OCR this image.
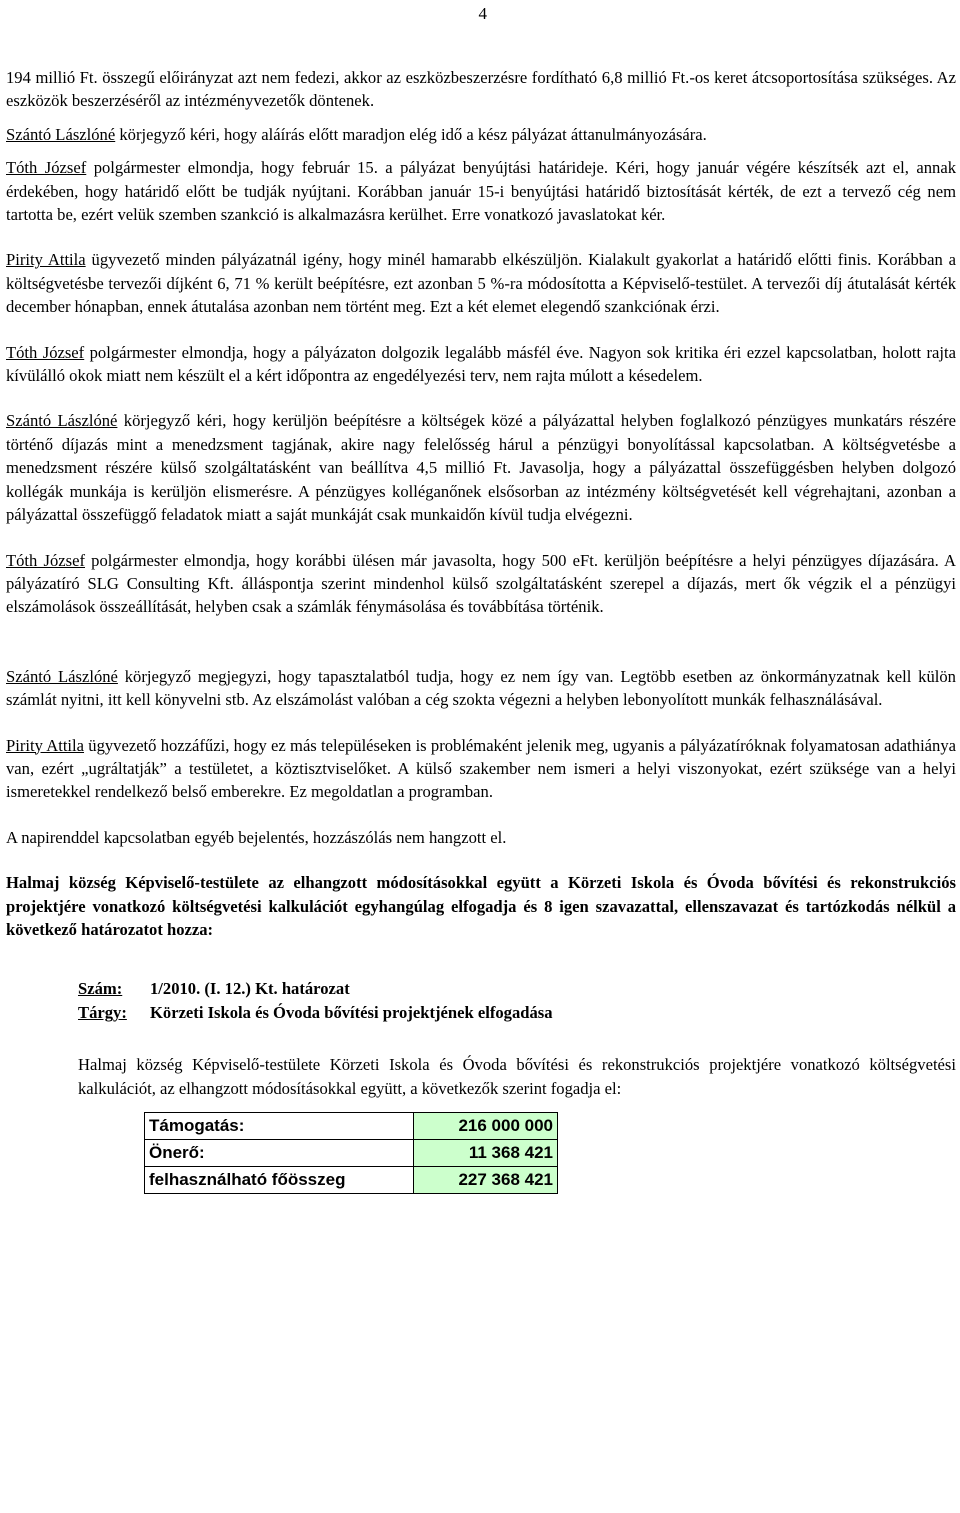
4

194 millió Ft. összegű előirányzat azt nem fedezi, akkor az eszközbeszerzésre fordítható 6,8 millió Ft.-os keret átcsoportosítása szükséges. Az eszközök beszerzéséről az intézményvezetők döntenek.

Szántó Lászlóné körjegyző kéri, hogy aláírás előtt maradjon elég idő a kész pályázat áttanulmányozására.

Tóth József polgármester elmondja, hogy február 15. a pályázat benyújtási határideje. Kéri, hogy január végére készítsék azt el, annak érdekében, hogy határidő előtt be tudják nyújtani. Korábban január 15-i benyújtási határidő biztosítását kérték, de ezt a tervező cég nem tartotta be, ezért velük szemben szankció is alkalmazásra kerülhet. Erre vonatkozó javaslatokat kér.

Pirity Attila ügyvezető minden pályázatnál igény, hogy minél hamarabb elkészüljön. Kialakult gyakorlat a határidő előtti finis. Korábban a költségvetésbe tervezői díjként 6, 71 % került beépítésre, ezt azonban 5 %-ra módosította a Képviselő-testület. A tervezői díj átutalását kérték december hónapban, ennek átutalása azonban nem történt meg. Ezt a két elemet elegendő szankciónak érzi.

Tóth József polgármester elmondja, hogy a pályázaton dolgozik legalább másfél éve. Nagyon sok kritika éri ezzel kapcsolatban, holott rajta kívülálló okok miatt nem készült el a kért időpontra az engedélyezési terv, nem rajta múlott a késedelem.

Szántó Lászlóné körjegyző kéri, hogy kerüljön beépítésre a költségek közé a pályázattal helyben foglalkozó pénzügyes munkatárs részére történő díjazás mint a menedzsment tagjának, akire nagy felelősség hárul a pénzügyi bonyolítással kapcsolatban. A költségvetésbe a menedzsment részére külső szolgáltatásként van beállítva 4,5 millió Ft. Javasolja, hogy a pályázattal összefüggésben helyben dolgozó kollégák munkája is kerüljön elismerésre. A pénzügyes kolléganőnek elsősorban az intézmény költségvetését kell végrehajtani, azonban a pályázattal összefüggő feladatok miatt a saját munkáját csak munkaidőn kívül tudja elvégezni.

Tóth József polgármester elmondja, hogy korábbi ülésen már javasolta, hogy 500 eFt. kerüljön beépítésre a helyi pénzügyes díjazására. A pályázatíró SLG Consulting Kft. álláspontja szerint mindenhol külső szolgáltatásként szerepel a díjazás, mert ők végzik el a pénzügyi elszámolások összeállítását, helyben csak a számlák fénymásolása és továbbítása történik.

Szántó Lászlóné körjegyző megjegyzi, hogy tapasztalatból tudja, hogy ez nem így van. Legtöbb esetben az önkormányzatnak kell külön számlát nyitni, itt kell könyvelni stb. Az elszámolást valóban a cég szokta végezni a helyben lebonyolított munkák felhasználásával.

Pirity Attila ügyvezető hozzáfűzi, hogy ez más településeken is problémaként jelenik meg, ugyanis a pályázatíróknak folyamatosan adathiánya van, ezért „ugráltatják” a testületet, a köztisztviselőket. A külső szakember nem ismeri a helyi viszonyokat, ezért szüksége van a helyi ismeretekkel rendelkező belső emberekre. Ez megoldatlan a programban.

A napirenddel kapcsolatban egyéb bejelentés, hozzászólás nem hangzott el.

Halmaj község Képviselő-testülete az elhangzott módosításokkal együtt a Körzeti Iskola és Óvoda bővítési és rekonstrukciós projektjére vonatkozó költségvetési kalkulációt egyhangúlag elfogadja és 8 igen szavazattal, ellenszavazat és tartózkodás nélkül a következő határozatot hozza:

Szám: 1/2010. (I. 12.) Kt. határozat
Tárgy: Körzeti Iskola és Óvoda bővítési projektjének elfogadása

Halmaj község Képviselő-testülete Körzeti Iskola és Óvoda bővítési és rekonstrukciós projektjére vonatkozó költségvetési kalkulációt, az elhangzott módosításokkal együtt, a következők szerint fogadja el:

Támogatás:	216 000 000
Önerő:	11 368 421
felhasználható főösszeg	227 368 421
